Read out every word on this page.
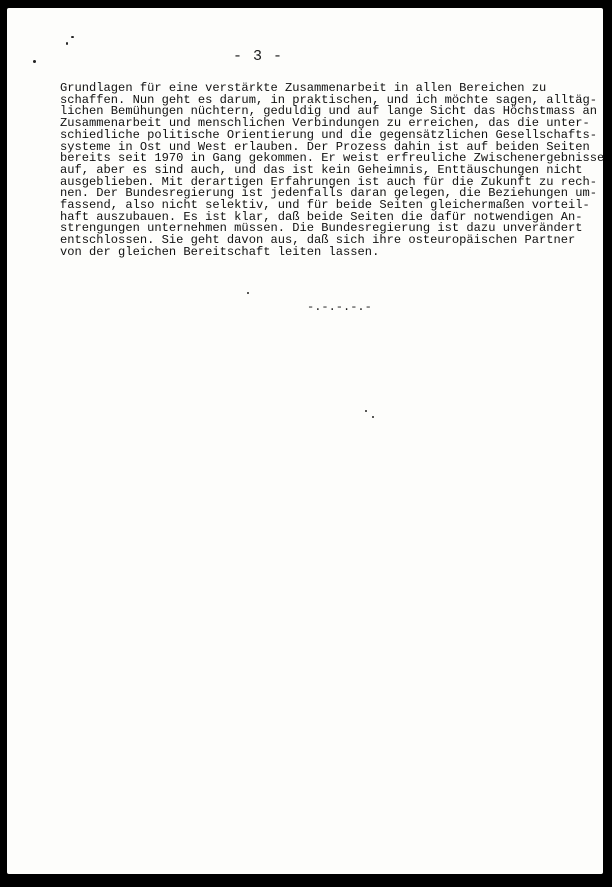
- 3 -
Grundlagen für eine verstärkte Zusammenarbeit in allen Bereichen zu
schaffen. Nun geht es darum, in praktischen, und ich möchte sagen, alltäg-
lichen Bemühungen nüchtern, geduldig und auf lange Sicht das Höchstmass an
Zusammenarbeit und menschlichen Verbindungen zu erreichen, das die unter-
schiedliche politische Orientierung und die gegensätzlichen Gesellschafts-
systeme in Ost und West erlauben. Der Prozess dahin ist auf beiden Seiten
bereits seit 1970 in Gang gekommen. Er weist erfreuliche Zwischenergebnisse
auf, aber es sind auch, und das ist kein Geheimnis, Enttäuschungen nicht
ausgeblieben. Mit derartigen Erfahrungen ist auch für die Zukunft zu rech-
nen. Der Bundesregierung ist jedenfalls daran gelegen, die Beziehungen um-
fassend, also nicht selektiv, und für beide Seiten gleichermaßen vorteil-
haft auszubauen. Es ist klar, daß beide Seiten die dafür notwendigen An-
strengungen unternehmen müssen. Die Bundesregierung ist dazu unverändert
entschlossen. Sie geht davon aus, daß sich ihre osteuropäischen Partner
von der gleichen Bereitschaft leiten lassen.
-.-.-.-.-
